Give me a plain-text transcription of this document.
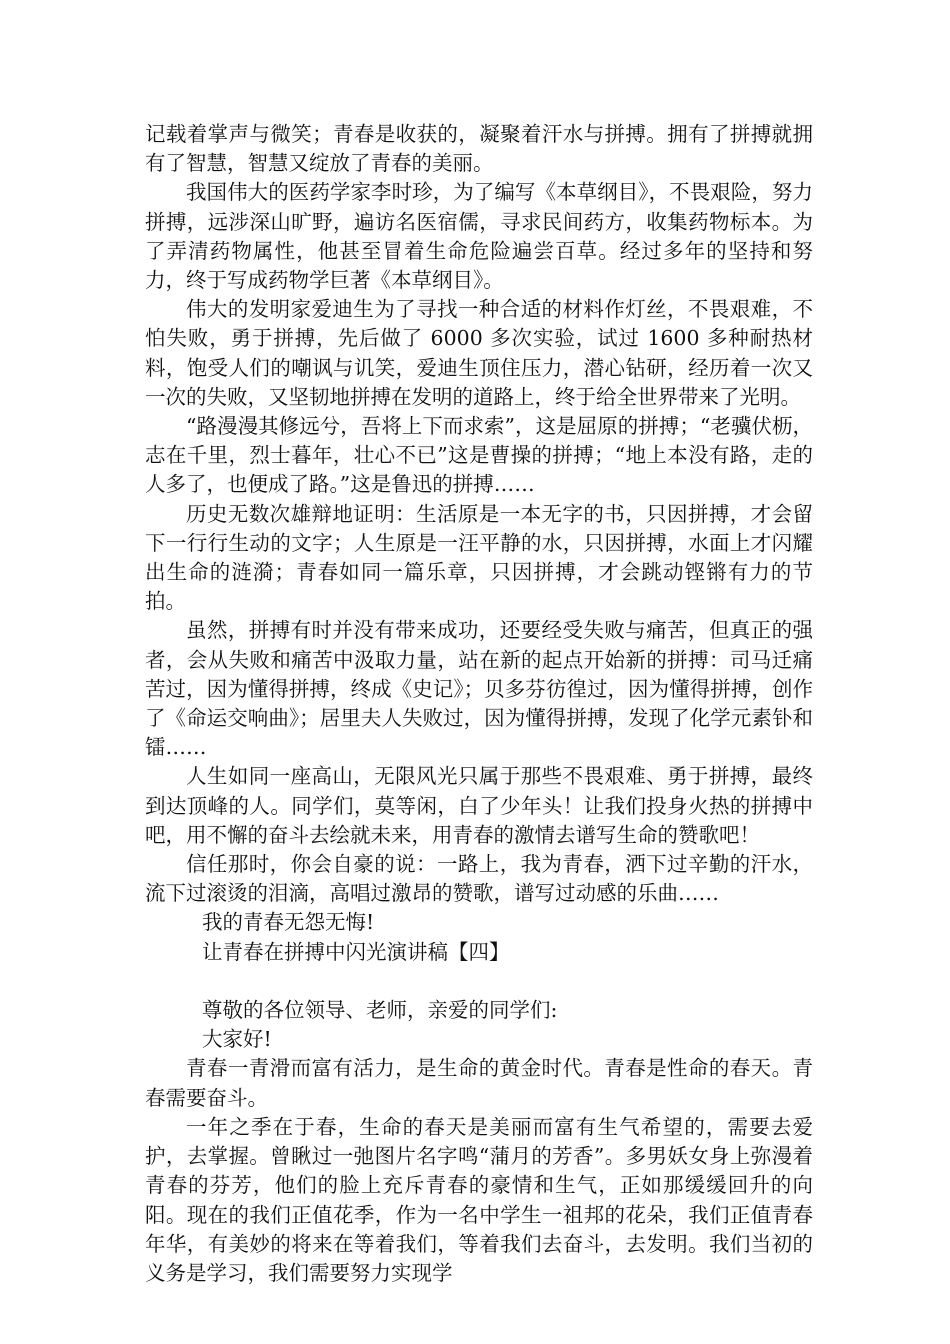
记载着掌声与微笑；青春是收获的，凝聚着汗水与拼搏。拥有了拼搏就拥有了智慧，智慧又绽放了青春的美丽。

我国伟大的医药学家李时珍，为了编写《本草纲目》，不畏艰险，努力拼搏，远涉深山旷野，遍访名医宿儒，寻求民间药方，收集药物标本。为了弄清药物属性，他甚至冒着生命危险遍尝百草。经过多年的坚持和努力，终于写成药物学巨著《本草纲目》。

伟大的发明家爱迪生为了寻找一种合适的材料作灯丝，不畏艰难，不怕失败，勇于拼搏，先后做了 6000 多次实验，试过 1600 多种耐热材料，饱受人们的嘲讽与讥笑，爱迪生顶住压力，潜心钻研，经历着一次又一次的失败，又坚韧地拼搏在发明的道路上，终于给全世界带来了光明。

“路漫漫其修远兮，吾将上下而求索”，这是屈原的拼搏；“老骥伏枥，志在千里，烈士暮年，壮心不已”这是曹操的拼搏；“地上本没有路，走的人多了，也便成了路。”这是鲁迅的拼搏……

历史无数次雄辩地证明：生活原是一本无字的书，只因拼搏，才会留下一行行生动的文字；人生原是一汪平静的水，只因拼搏，水面上才闪耀出生命的涟漪；青春如同一篇乐章，只因拼搏，才会跳动铿锵有力的节拍。

虽然，拼搏有时并没有带来成功，还要经受失败与痛苦，但真正的强者，会从失败和痛苦中汲取力量，站在新的起点开始新的拼搏：司马迁痛苦过，因为懂得拼搏，终成《史记》；贝多芬彷徨过，因为懂得拼搏，创作了《命运交响曲》；居里夫人失败过，因为懂得拼搏，发现了化学元素钋和镭……

人生如同一座高山，无限风光只属于那些不畏艰难、勇于拼搏，最终到达顶峰的人。同学们，莫等闲，白了少年头！让我们投身火热的拼搏中吧，用不懈的奋斗去绘就未来，用青春的激情去谱写生命的赞歌吧！

信任那时，你会自豪的说：一路上，我为青春，洒下过辛勤的汗水，流下过滚烫的泪滴，高唱过激昂的赞歌，谱写过动感的乐曲……

我的青春无怨无悔!

让青春在拼搏中闪光演讲稿【四】

尊敬的各位领导、老师，亲爱的同学们:

大家好!

青春一青滑而富有活力，是生命的黄金时代。青春是性命的春天。青春需要奋斗。

一年之季在于春，生命的春天是美丽而富有生气希望的，需要去爱护，去掌握。曾瞅过一弛图片名字鸣“蒲月的芳香”。多男妖女身上弥漫着青春的芬芳，他们的脸上充斥青春的豪情和生气，正如那缓缓回升的向阳。现在的我们正值花季，作为一名中学生一祖邦的花朵，我们正值青春年华，有美妙的将来在等着我们，等着我们去奋斗，去发明。我们当初的义务是学习，我们需要努力实现学
